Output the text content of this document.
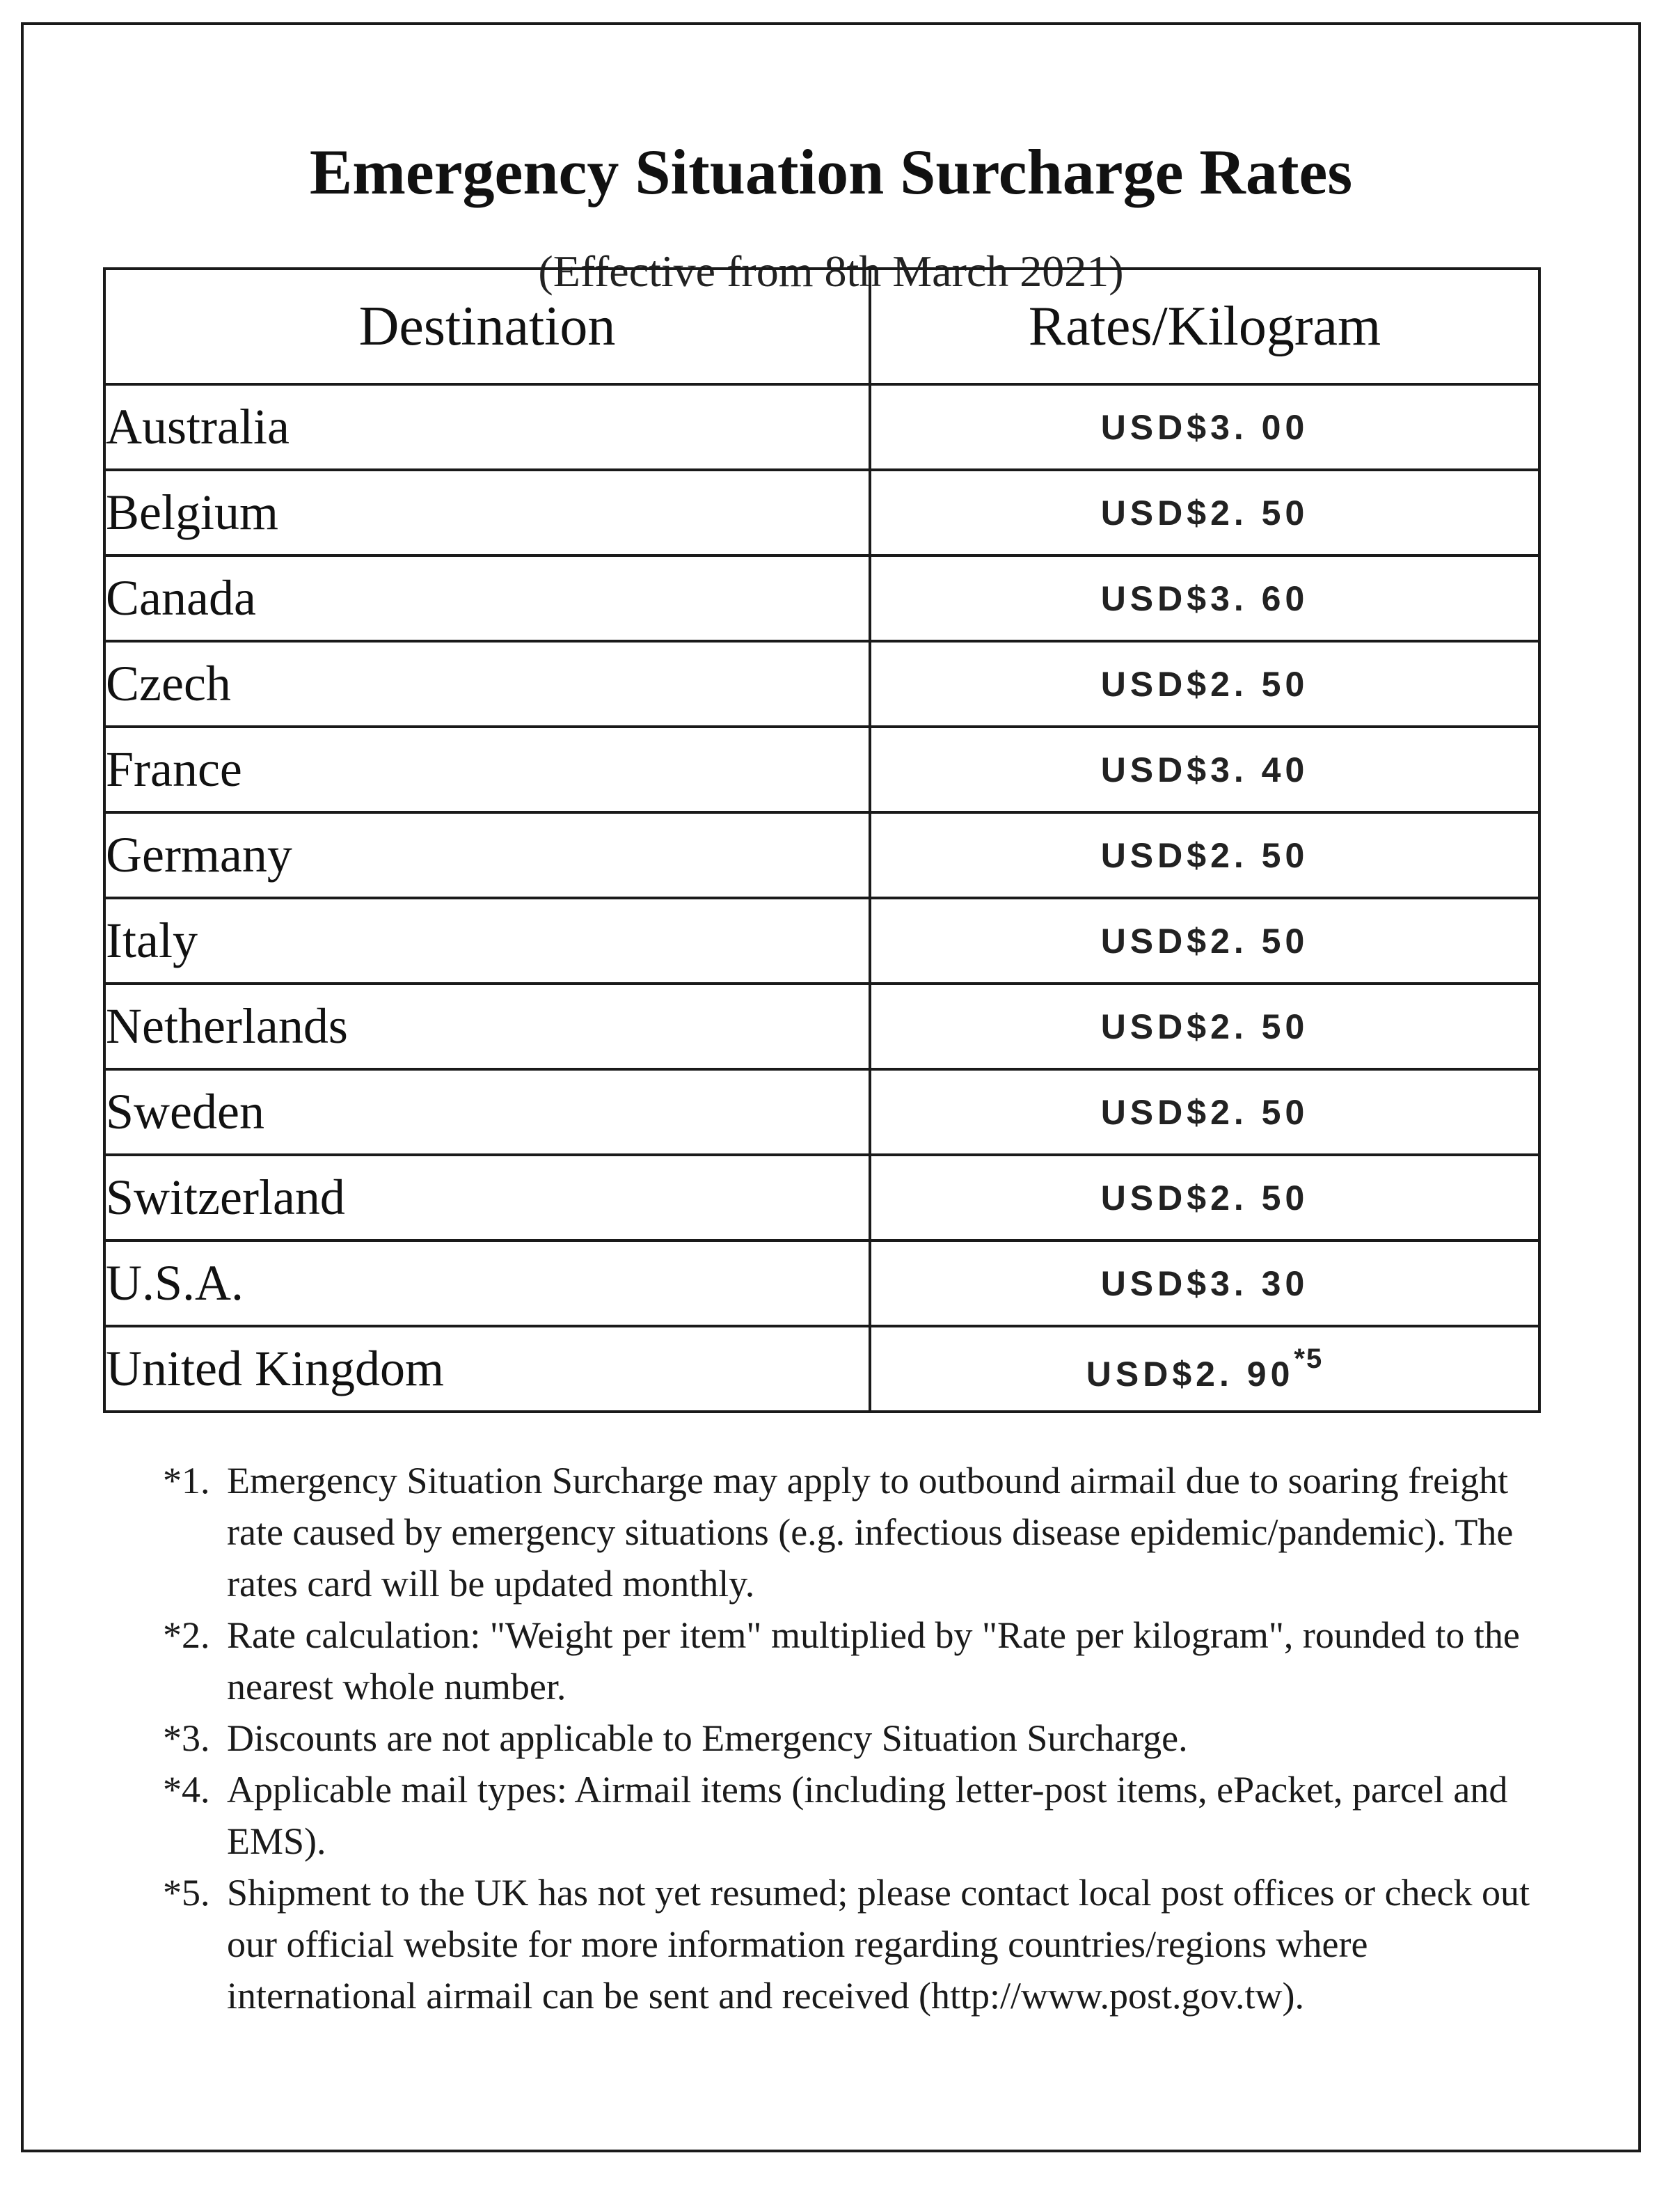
Emergency Situation Surcharge Rates
(Effective from 8th March 2021)
Destination	Rates/Kilogram
Australia	USD$3. 00
Belgium	USD$2. 50
Canada	USD$3. 60
Czech	USD$2. 50
France	USD$3. 40
Germany	USD$2. 50
Italy	USD$2. 50
Netherlands	USD$2. 50
Sweden	USD$2. 50
Switzerland	USD$2. 50
U.S.A.	USD$3. 30
United Kingdom	USD$2. 90$^{*5}$
*1. Emergency Situation Surcharge may apply to outbound airmail due to soaring freight rate caused by emergency situations (e.g. infectious disease epidemic/pandemic). The rates card will be updated monthly.
*2. Rate calculation: "Weight per item" multiplied by "Rate per kilogram", rounded to the nearest whole number.
*3. Discounts are not applicable to Emergency Situation Surcharge.
*4. Applicable mail types: Airmail items (including letter-post items, ePacket, parcel and EMS).
*5. Shipment to the UK has not yet resumed; please contact local post offices or check out our official website for more information regarding countries/regions where international airmail can be sent and received (http://www.post.gov.tw).
